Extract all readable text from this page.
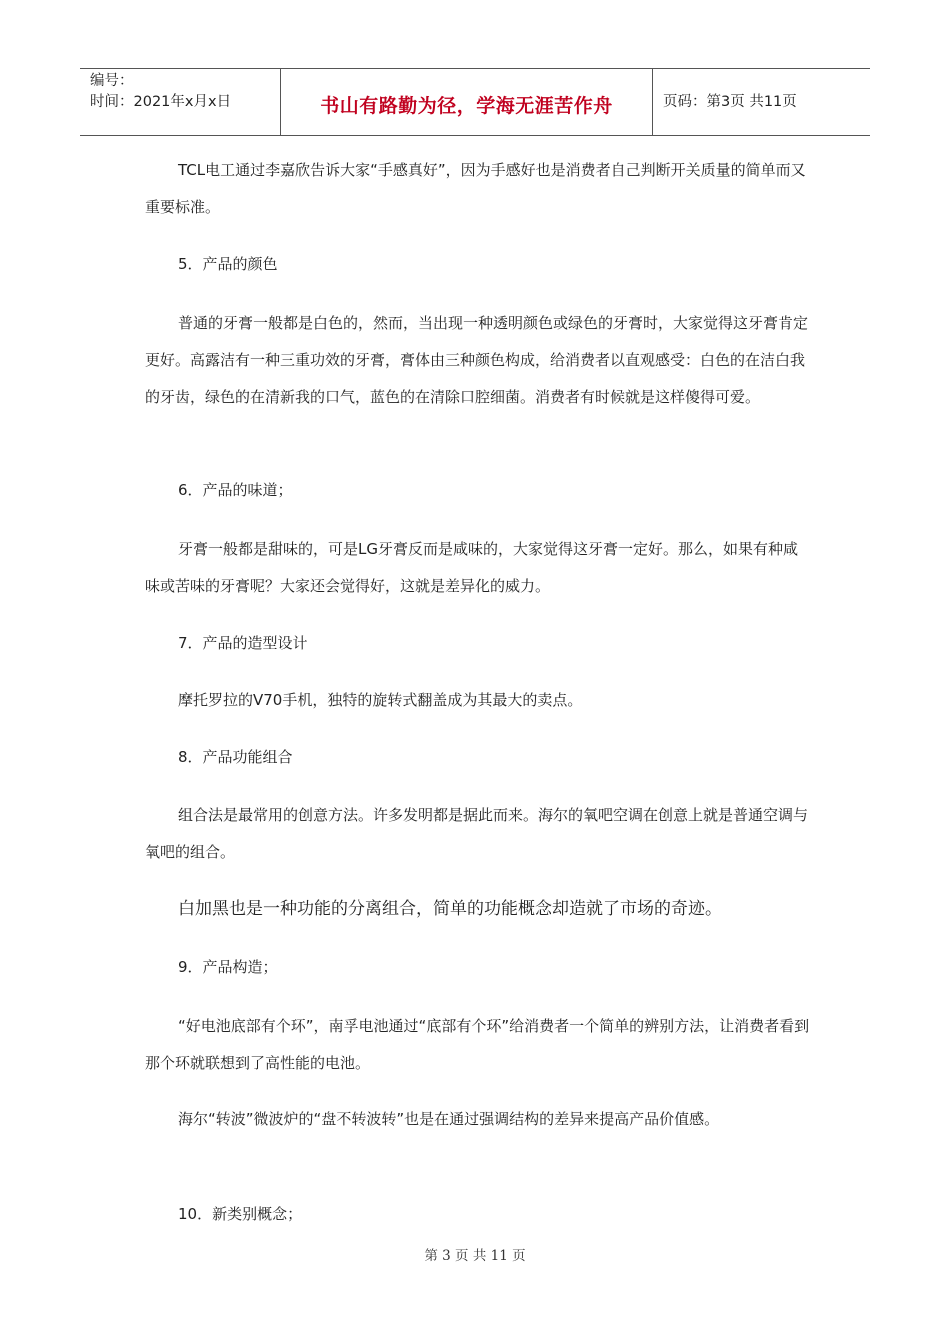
编号：
时间：2021年x月x日	书山有路勤为径，学海无涯苦作舟	页码：第3页 共11页

TCL电工通过李嘉欣告诉大家“手感真好”，因为手感好也是消费者自己判断开关质量的简单而又重要标准。

5．产品的颜色

普通的牙膏一般都是白色的，然而，当出现一种透明颜色或绿色的牙膏时，大家觉得这牙膏肯定更好。高露洁有一种三重功效的牙膏，膏体由三种颜色构成，给消费者以直观感受：白色的在洁白我的牙齿，绿色的在清新我的口气，蓝色的在清除口腔细菌。消费者有时候就是这样傻得可爱。

6．产品的味道；

牙膏一般都是甜味的，可是LG牙膏反而是咸味的，大家觉得这牙膏一定好。那么，如果有种咸味或苦味的牙膏呢？大家还会觉得好，这就是差异化的威力。

7．产品的造型设计

摩托罗拉的V70手机，独特的旋转式翻盖成为其最大的卖点。

8．产品功能组合

组合法是最常用的创意方法。许多发明都是据此而来。海尔的氧吧空调在创意上就是普通空调与氧吧的组合。

白加黑也是一种功能的分离组合，简单的功能概念却造就了市场的奇迹。

9．产品构造；

“好电池底部有个环”，南孚电池通过“底部有个环”给消费者一个简单的辨别方法，让消费者看到那个环就联想到了高性能的电池。

海尔“转波”微波炉的“盘不转波转”也是在通过强调结构的差异来提高产品价值感。

10．新类别概念；

第 3 页 共 11 页
